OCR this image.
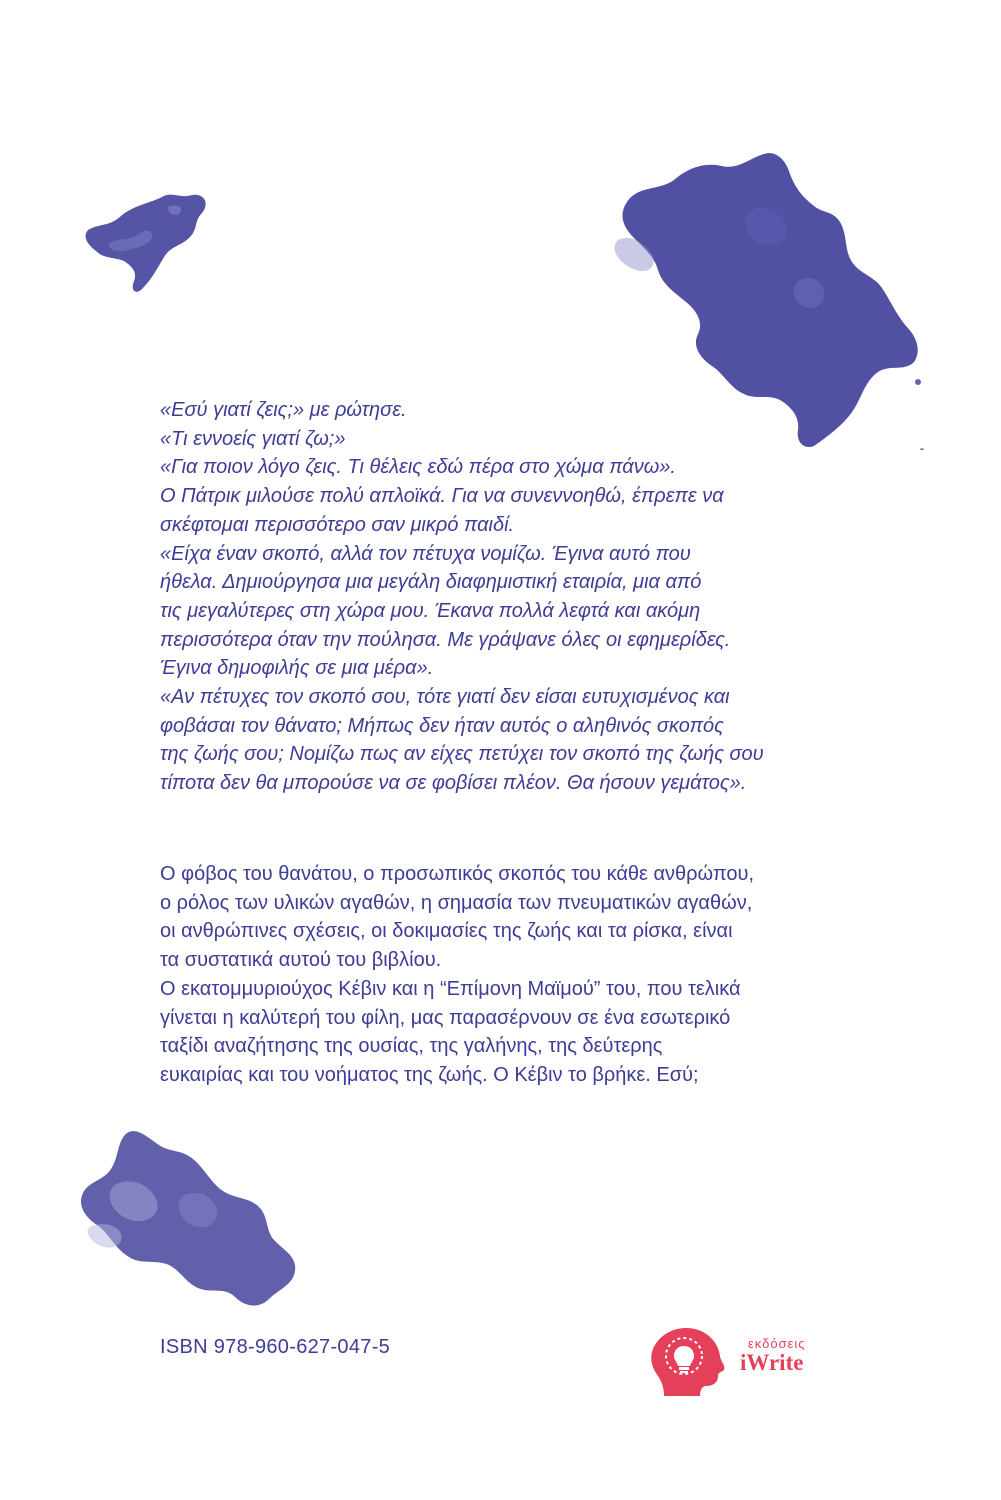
«Εσύ γιατί ζεις;» με ρώτησε.

«Τι εννοείς γιατί ζω;»

«Για ποιον λόγο ζεις. Τι θέλεις εδώ πέρα στο χώμα πάνω».

Ο Πάτρικ μιλούσε πολύ απλοϊκά. Για να συνεννοηθώ, έπρεπε να

σκέφτομαι περισσότερο σαν μικρό παιδί.

«Είχα έναν σκοπό, αλλά τον πέτυχα νομίζω. Έγινα αυτό που

ήθελα. Δημιούργησα μια μεγάλη διαφημιστική εταιρία, μια από

τις μεγαλύτερες στη χώρα μου. Έκανα πολλά λεφτά και ακόμη

περισσότερα όταν την πούλησα. Με γράψανε όλες οι εφημερίδες.

Έγινα δημοφιλής σε μια μέρα».

«Αν πέτυχες τον σκοπό σου, τότε γιατί δεν είσαι ευτυχισμένος και

φοβάσαι τον θάνατο; Μήπως δεν ήταν αυτός ο αληθινός σκοπός

της ζωής σου; Νομίζω πως αν είχες πετύχει τον σκοπό της ζωής σου

τίποτα δεν θα μπορούσε να σε φοβίσει πλέον. Θα ήσουν γεμάτος».

Ο φόβος του θανάτου, ο προσωπικός σκοπός του κάθε ανθρώπου,

ο ρόλος των υλικών αγαθών, η σημασία των πνευματικών αγαθών,

οι ανθρώπινες σχέσεις, οι δοκιμασίες της ζωής και τα ρίσκα, είναι

τα συστατικά αυτού του βιβλίου.

Ο εκατομμυριούχος Κέβιν και η “Επίμονη Μαϊμού” του, που τελικά

γίνεται η καλύτερή του φίλη, μας παρασέρνουν σε ένα εσωτερικό

ταξίδι αναζήτησης της ουσίας, της γαλήνης, της δεύτερης

ευκαιρίας και του νοήματος της ζωής. Ο Κέβιν το βρήκε. Εσύ;

ISBN 978-960-627-047-5	εκδόσεις
iWrite
